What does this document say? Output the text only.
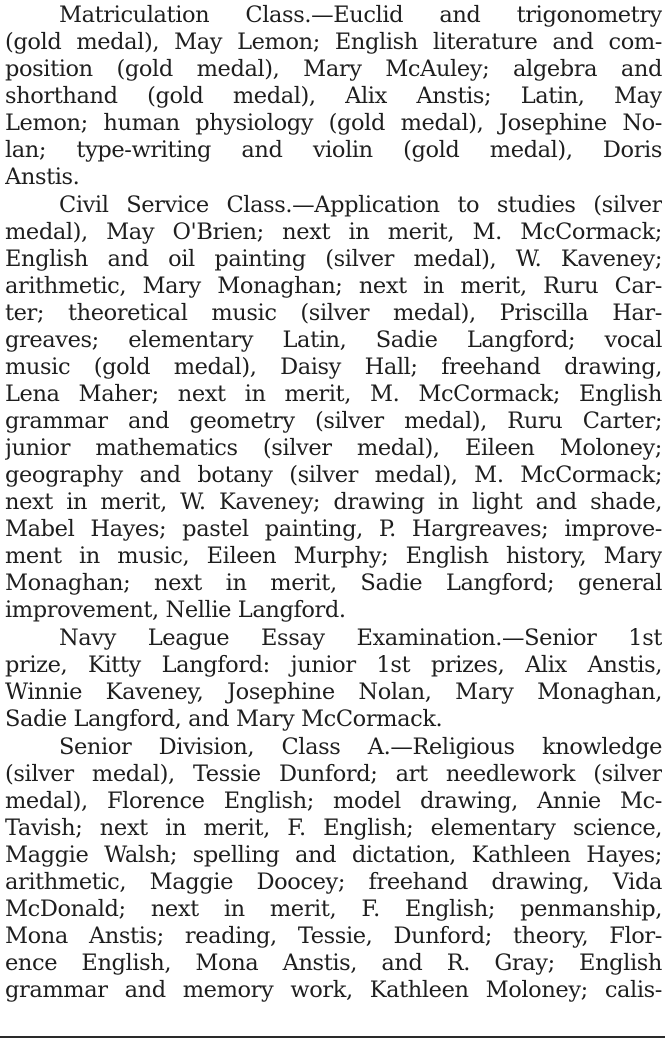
Matriculation Class.—Euclid and trigonometry
(gold medal), May Lemon; English literature and com-
position (gold medal), Mary McAuley; algebra and
shorthand (gold medal), Alix Anstis; Latin, May
Lemon; human physiology (gold medal), Josephine No-
lan; type-writing and violin (gold medal), Doris
Anstis.

Civil Service Class.—Application to studies (silver
medal), May O'Brien; next in merit, M. McCormack;
English and oil painting (silver medal), W. Kaveney;
arithmetic, Mary Monaghan; next in merit, Ruru Car-
ter; theoretical music (silver medal), Priscilla Har-
greaves; elementary Latin, Sadie Langford; vocal
music (gold medal), Daisy Hall; freehand drawing,
Lena Maher; next in merit, M. McCormack; English
grammar and geometry (silver medal), Ruru Carter;
junior mathematics (silver medal), Eileen Moloney;
geography and botany (silver medal), M. McCormack;
next in merit, W. Kaveney; drawing in light and shade,
Mabel Hayes; pastel painting, P. Hargreaves; improve-
ment in music, Eileen Murphy; English history, Mary
Monaghan; next in merit, Sadie Langford; general
improvement, Nellie Langford.

Navy League Essay Examination.—Senior 1st
prize, Kitty Langford: junior 1st prizes, Alix Anstis,
Winnie Kaveney, Josephine Nolan, Mary Monaghan,
Sadie Langford, and Mary McCormack.

Senior Division, Class A.—Religious knowledge
(silver medal), Tessie Dunford; art needlework (silver
medal), Florence English; model drawing, Annie Mc-
Tavish; next in merit, F. English; elementary science,
Maggie Walsh; spelling and dictation, Kathleen Hayes;
arithmetic, Maggie Doocey; freehand drawing, Vida
McDonald; next in merit, F. English; penmanship,
Mona Anstis; reading, Tessie, Dunford; theory, Flor-
ence English, Mona Anstis, and R. Gray; English
grammar and memory work, Kathleen Moloney; calis-
